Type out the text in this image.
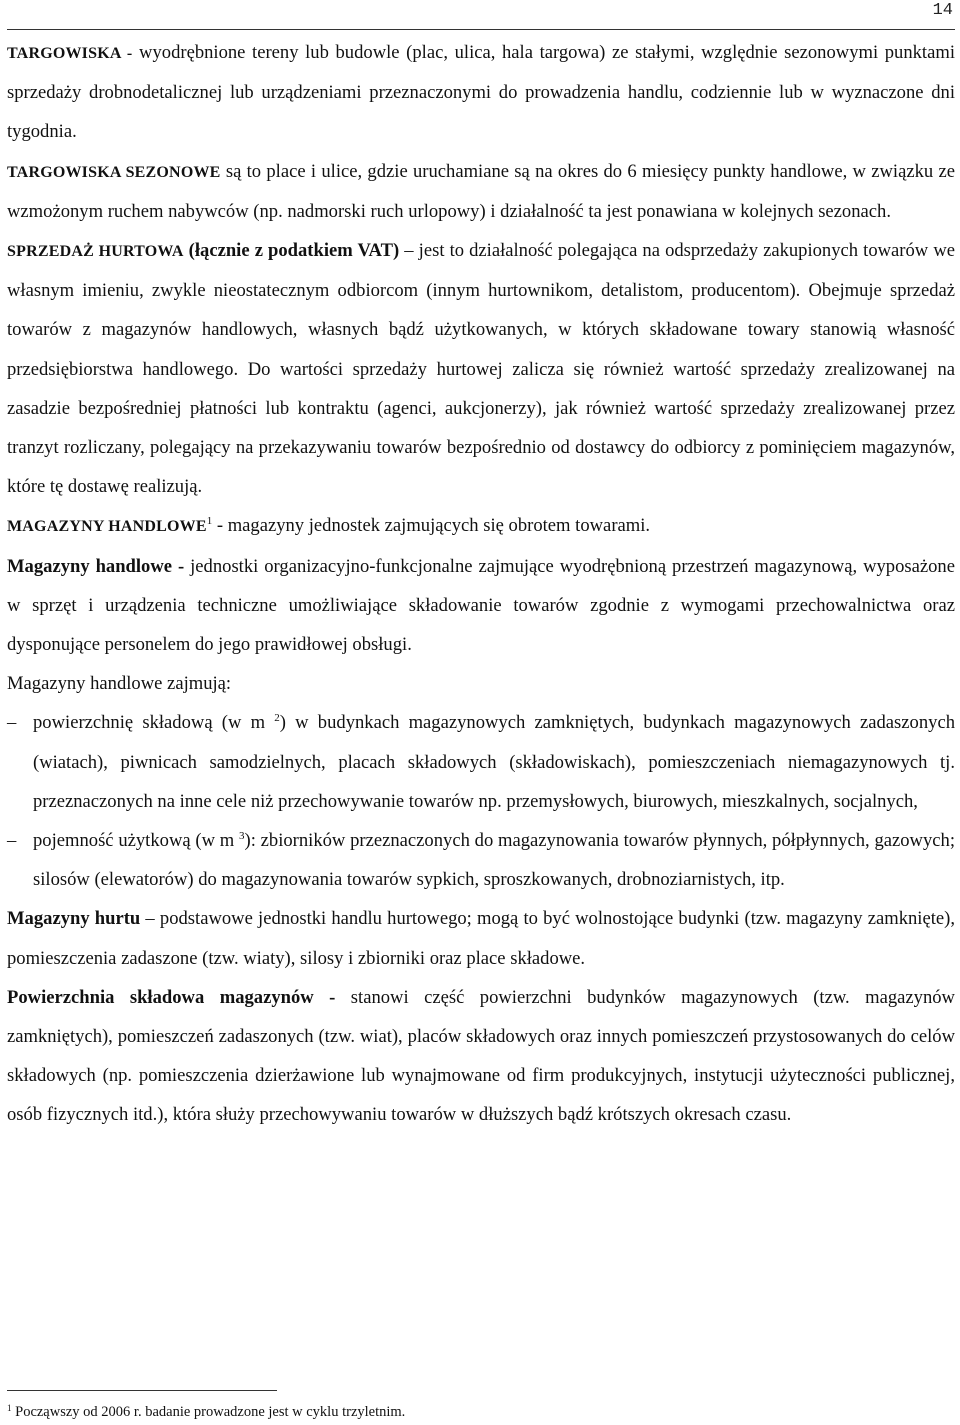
14

TARGOWISKA - wyodrębnione tereny lub budowle (plac, ulica, hala targowa) ze stałymi, względnie sezonowymi punktami sprzedaży drobnodetalicznej lub urządzeniami przeznaczonymi do prowadzenia handlu, codziennie lub w wyznaczone dni tygodnia.

TARGOWISKA SEZONOWE są to place i ulice, gdzie uruchamiane są na okres do 6 miesięcy punkty handlowe, w związku ze wzmożonym ruchem nabywców (np. nadmorski ruch urlopowy) i działalność ta jest ponawiana w kolejnych sezonach.

SPRZEDAŻ HURTOWA (łącznie z podatkiem VAT) – jest to działalność polegająca na odsprzedaży zakupionych towarów we własnym imieniu, zwykle nieostatecznym odbiorcom (innym hurtownikom, detalistom, producentom). Obejmuje sprzedaż towarów z magazynów handlowych, własnych bądź użytkowanych, w których składowane towary stanowią własność przedsiębiorstwa handlowego. Do wartości sprzedaży hurtowej zalicza się również wartość sprzedaży zrealizowanej na zasadzie bezpośredniej płatności lub kontraktu (agenci, aukcjonerzy), jak również wartość sprzedaży zrealizowanej przez tranzyt rozliczany, polegający na przekazywaniu towarów bezpośrednio od dostawcy do odbiorcy z pominięciem magazynów, które tę dostawę realizują.

MAGAZYNY HANDLOWE$^1$ - magazyny jednostek zajmujących się obrotem towarami.

Magazyny handlowe - jednostki organizacyjno-funkcjonalne zajmujące wyodrębnioną przestrzeń magazynową, wyposażone w sprzęt i urządzenia techniczne umożliwiające składowanie towarów zgodnie z wymogami przechowalnictwa oraz dysponujące personelem do jego prawidłowej obsługi.

Magazyny handlowe zajmują:

– powierzchnię składową (w m $^2$) w budynkach magazynowych zamkniętych, budynkach magazynowych zadaszonych (wiatach), piwnicach samodzielnych, placach składowych (składowiskach), pomieszczeniach niemagazynowych tj. przeznaczonych na inne cele niż przechowywanie towarów np. przemysłowych, biurowych, mieszkalnych, socjalnych,
– pojemność użytkową (w m $^3$): zbiorników przeznaczonych do magazynowania towarów płynnych, półpłynnych, gazowych; silosów (elewatorów) do magazynowania towarów sypkich, sproszkowanych, drobnoziarnistych, itp.

Magazyny hurtu – podstawowe jednostki handlu hurtowego; mogą to być wolnostojące budynki (tzw. magazyny zamknięte), pomieszczenia zadaszone (tzw. wiaty), silosy i zbiorniki oraz place składowe.

Powierzchnia składowa magazynów - stanowi część powierzchni budynków magazynowych (tzw. magazynów zamkniętych), pomieszczeń zadaszonych (tzw. wiat), placów składowych oraz innych pomieszczeń przystosowanych do celów składowych (np. pomieszczenia dzierżawione lub wynajmowane od firm produkcyjnych, instytucji użyteczności publicznej, osób fizycznych itd.), która służy przechowywaniu towarów w dłuższych bądź krótszych okresach czasu.

$^1$ Począwszy od 2006 r. badanie prowadzone jest w cyklu trzyletnim.
